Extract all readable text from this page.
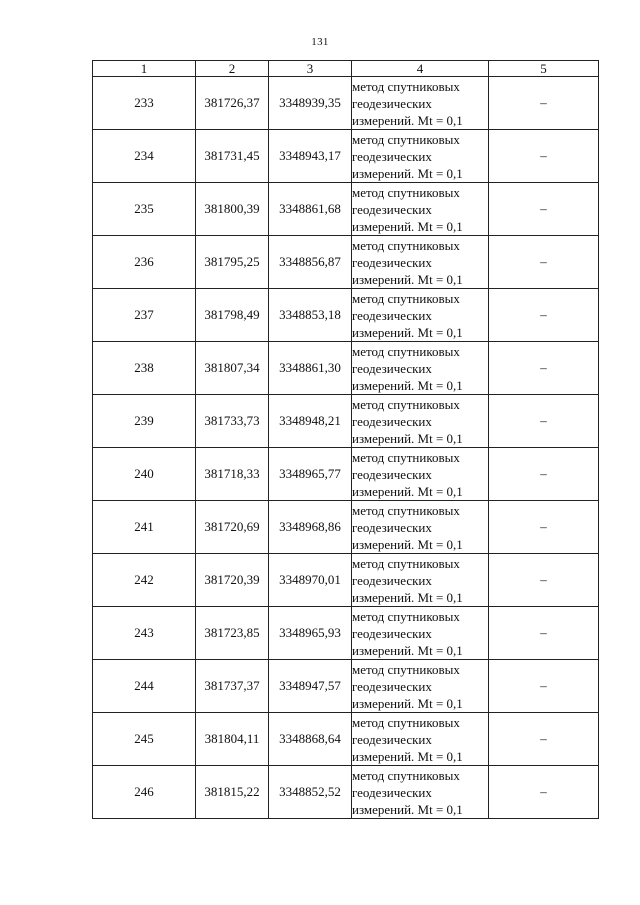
131
1	2	3	4	5
233	381726,37	3348939,35	метод спутниковых
геодезических
измерений. Mt = 0,1	–
234	381731,45	3348943,17	метод спутниковых
геодезических
измерений. Mt = 0,1	–
235	381800,39	3348861,68	метод спутниковых
геодезических
измерений. Mt = 0,1	–
236	381795,25	3348856,87	метод спутниковых
геодезических
измерений. Mt = 0,1	–
237	381798,49	3348853,18	метод спутниковых
геодезических
измерений. Mt = 0,1	–
238	381807,34	3348861,30	метод спутниковых
геодезических
измерений. Mt = 0,1	–
239	381733,73	3348948,21	метод спутниковых
геодезических
измерений. Mt = 0,1	–
240	381718,33	3348965,77	метод спутниковых
геодезических
измерений. Mt = 0,1	–
241	381720,69	3348968,86	метод спутниковых
геодезических
измерений. Mt = 0,1	–
242	381720,39	3348970,01	метод спутниковых
геодезических
измерений. Mt = 0,1	–
243	381723,85	3348965,93	метод спутниковых
геодезических
измерений. Mt = 0,1	–
244	381737,37	3348947,57	метод спутниковых
геодезических
измерений. Mt = 0,1	–
245	381804,11	3348868,64	метод спутниковых
геодезических
измерений. Mt = 0,1	–
246	381815,22	3348852,52	метод спутниковых
геодезических
измерений. Mt = 0,1	–
